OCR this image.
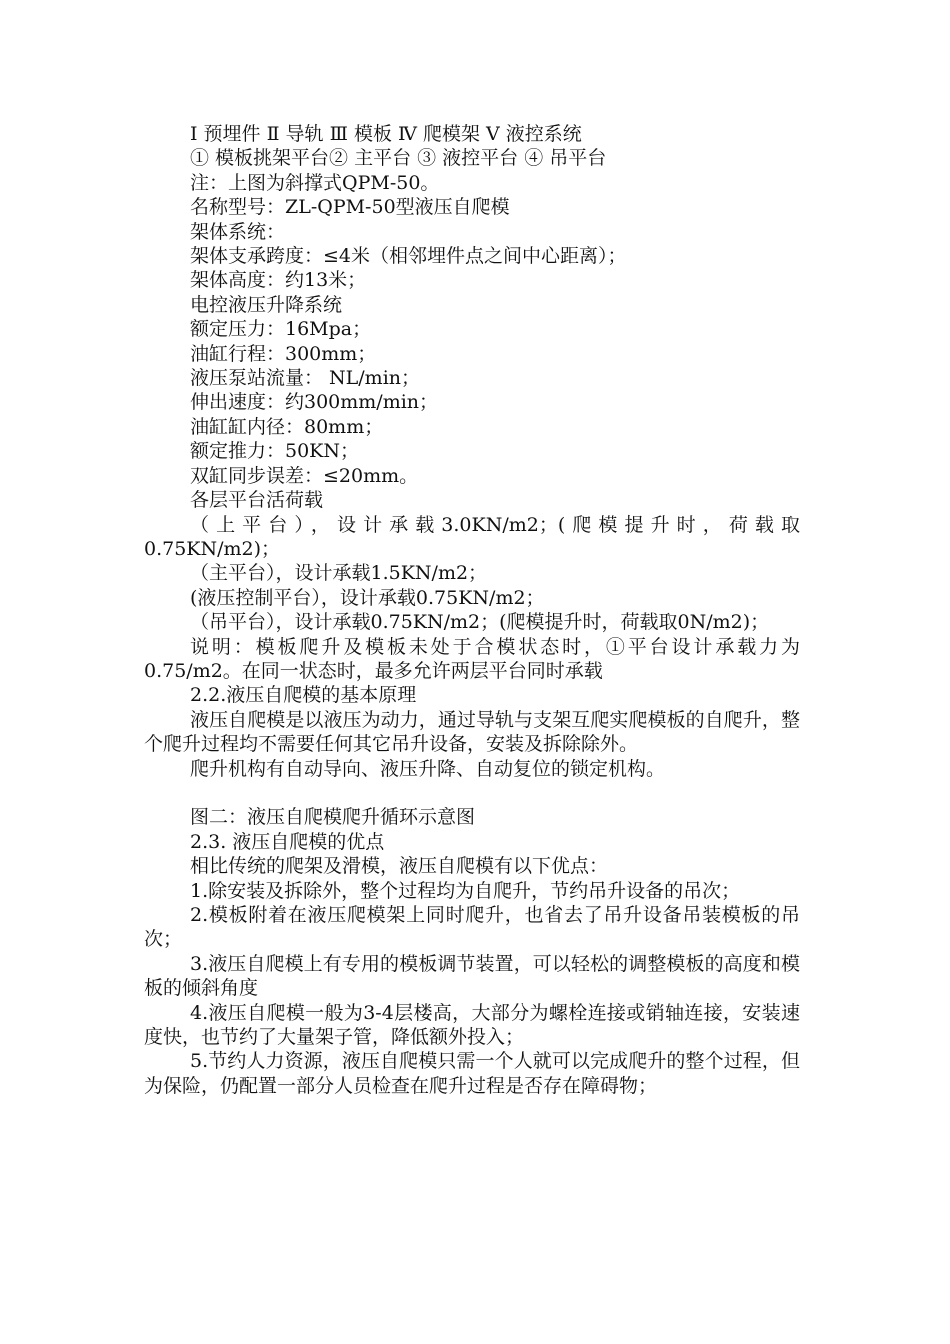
Ⅰ 预埋件 Ⅱ 导轨 Ⅲ 模板 Ⅳ 爬模架 Ⅴ 液控系统

① 模板挑架平台② 主平台 ③ 液控平台 ④ 吊平台

注：上图为斜撑式QPM-50。

名称型号：ZL-QPM-50型液压自爬模

架体系统：

架体支承跨度：≤4米（相邻埋件点之间中心距离）；

架体高度：约13米；

电控液压升降系统

额定压力：16Mpa；

油缸行程：300mm；

液压泵站流量： NL/min；

伸出速度：约300mm/min；

油缸缸内径：80mm；

额定推力：50KN；

双缸同步误差：≤20mm。

各层平台活荷载

（上平台），设计承载3.0KN/m2；(爬模提升时，荷载取0.75KN/m2)；

（主平台），设计承载1.5KN/m2；

(液压控制平台），设计承载0.75KN/m2；

（吊平台），设计承载0.75KN/m2；(爬模提升时，荷载取0N/m2)；

说明：模板爬升及模板未处于合模状态时，①平台设计承载力为0.75/m2。在同一状态时，最多允许两层平台同时承载

2.2.液压自爬模的基本原理

液压自爬模是以液压为动力，通过导轨与支架互爬实爬模板的自爬升，整个爬升过程均不需要任何其它吊升设备，安装及拆除除外。

爬升机构有自动导向、液压升降、自动复位的锁定机构。

图二：液压自爬模爬升循环示意图

2.3. 液压自爬模的优点

相比传统的爬架及滑模，液压自爬模有以下优点：

1.除安装及拆除外，整个过程均为自爬升，节约吊升设备的吊次；

2.模板附着在液压爬模架上同时爬升，也省去了吊升设备吊装模板的吊次；

3.液压自爬模上有专用的模板调节装置，可以轻松的调整模板的高度和模板的倾斜角度

4.液压自爬模一般为3-4层楼高，大部分为螺栓连接或销轴连接，安装速度快，也节约了大量架子管，降低额外投入；

5.节约人力资源，液压自爬模只需一个人就可以完成爬升的整个过程，但为保险，仍配置一部分人员检查在爬升过程是否存在障碍物；
